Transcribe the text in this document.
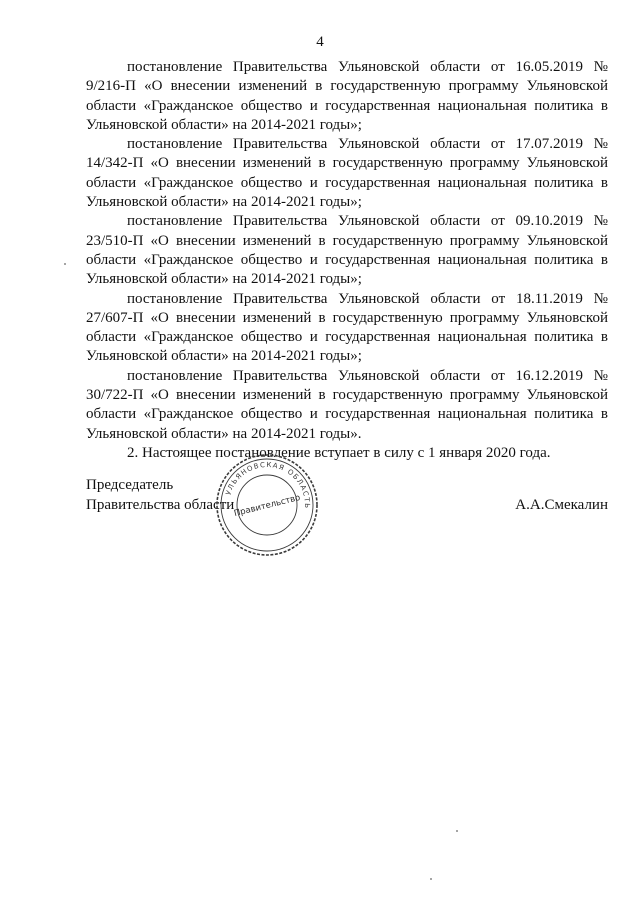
4

постановление Правительства Ульяновской области от 16.05.2019 № 9/216-П «О внесении изменений в государственную программу Ульяновской области «Гражданское общество и государственная национальная политика в Ульяновской области» на 2014-2021 годы»;

постановление Правительства Ульяновской области от 17.07.2019 № 14/342-П «О внесении изменений в государственную программу Ульяновской области «Гражданское общество и государственная национальная политика в Ульяновской области» на 2014-2021 годы»;

постановление Правительства Ульяновской области от 09.10.2019 № 23/510-П «О внесении изменений в государственную программу Ульяновской области «Гражданское общество и государственная национальная политика в Ульяновской области» на 2014-2021 годы»;

постановление Правительства Ульяновской области от 18.11.2019 № 27/607-П «О внесении изменений в государственную программу Ульяновской области «Гражданское общество и государственная национальная политика в Ульяновской области» на 2014-2021 годы»;

постановление Правительства Ульяновской области от 16.12.2019 № 30/722-П «О внесении изменений в государственную программу Ульяновской области «Гражданское общество и государственная национальная политика в Ульяновской области» на 2014-2021 годы».

2. Настоящее постановление вступает в силу с 1 января 2020 года.

Председатель
Правительства области	А.А.Смекалин
УЛЬЯНОВСКАЯ ОБЛАСТЬ
Правительство
